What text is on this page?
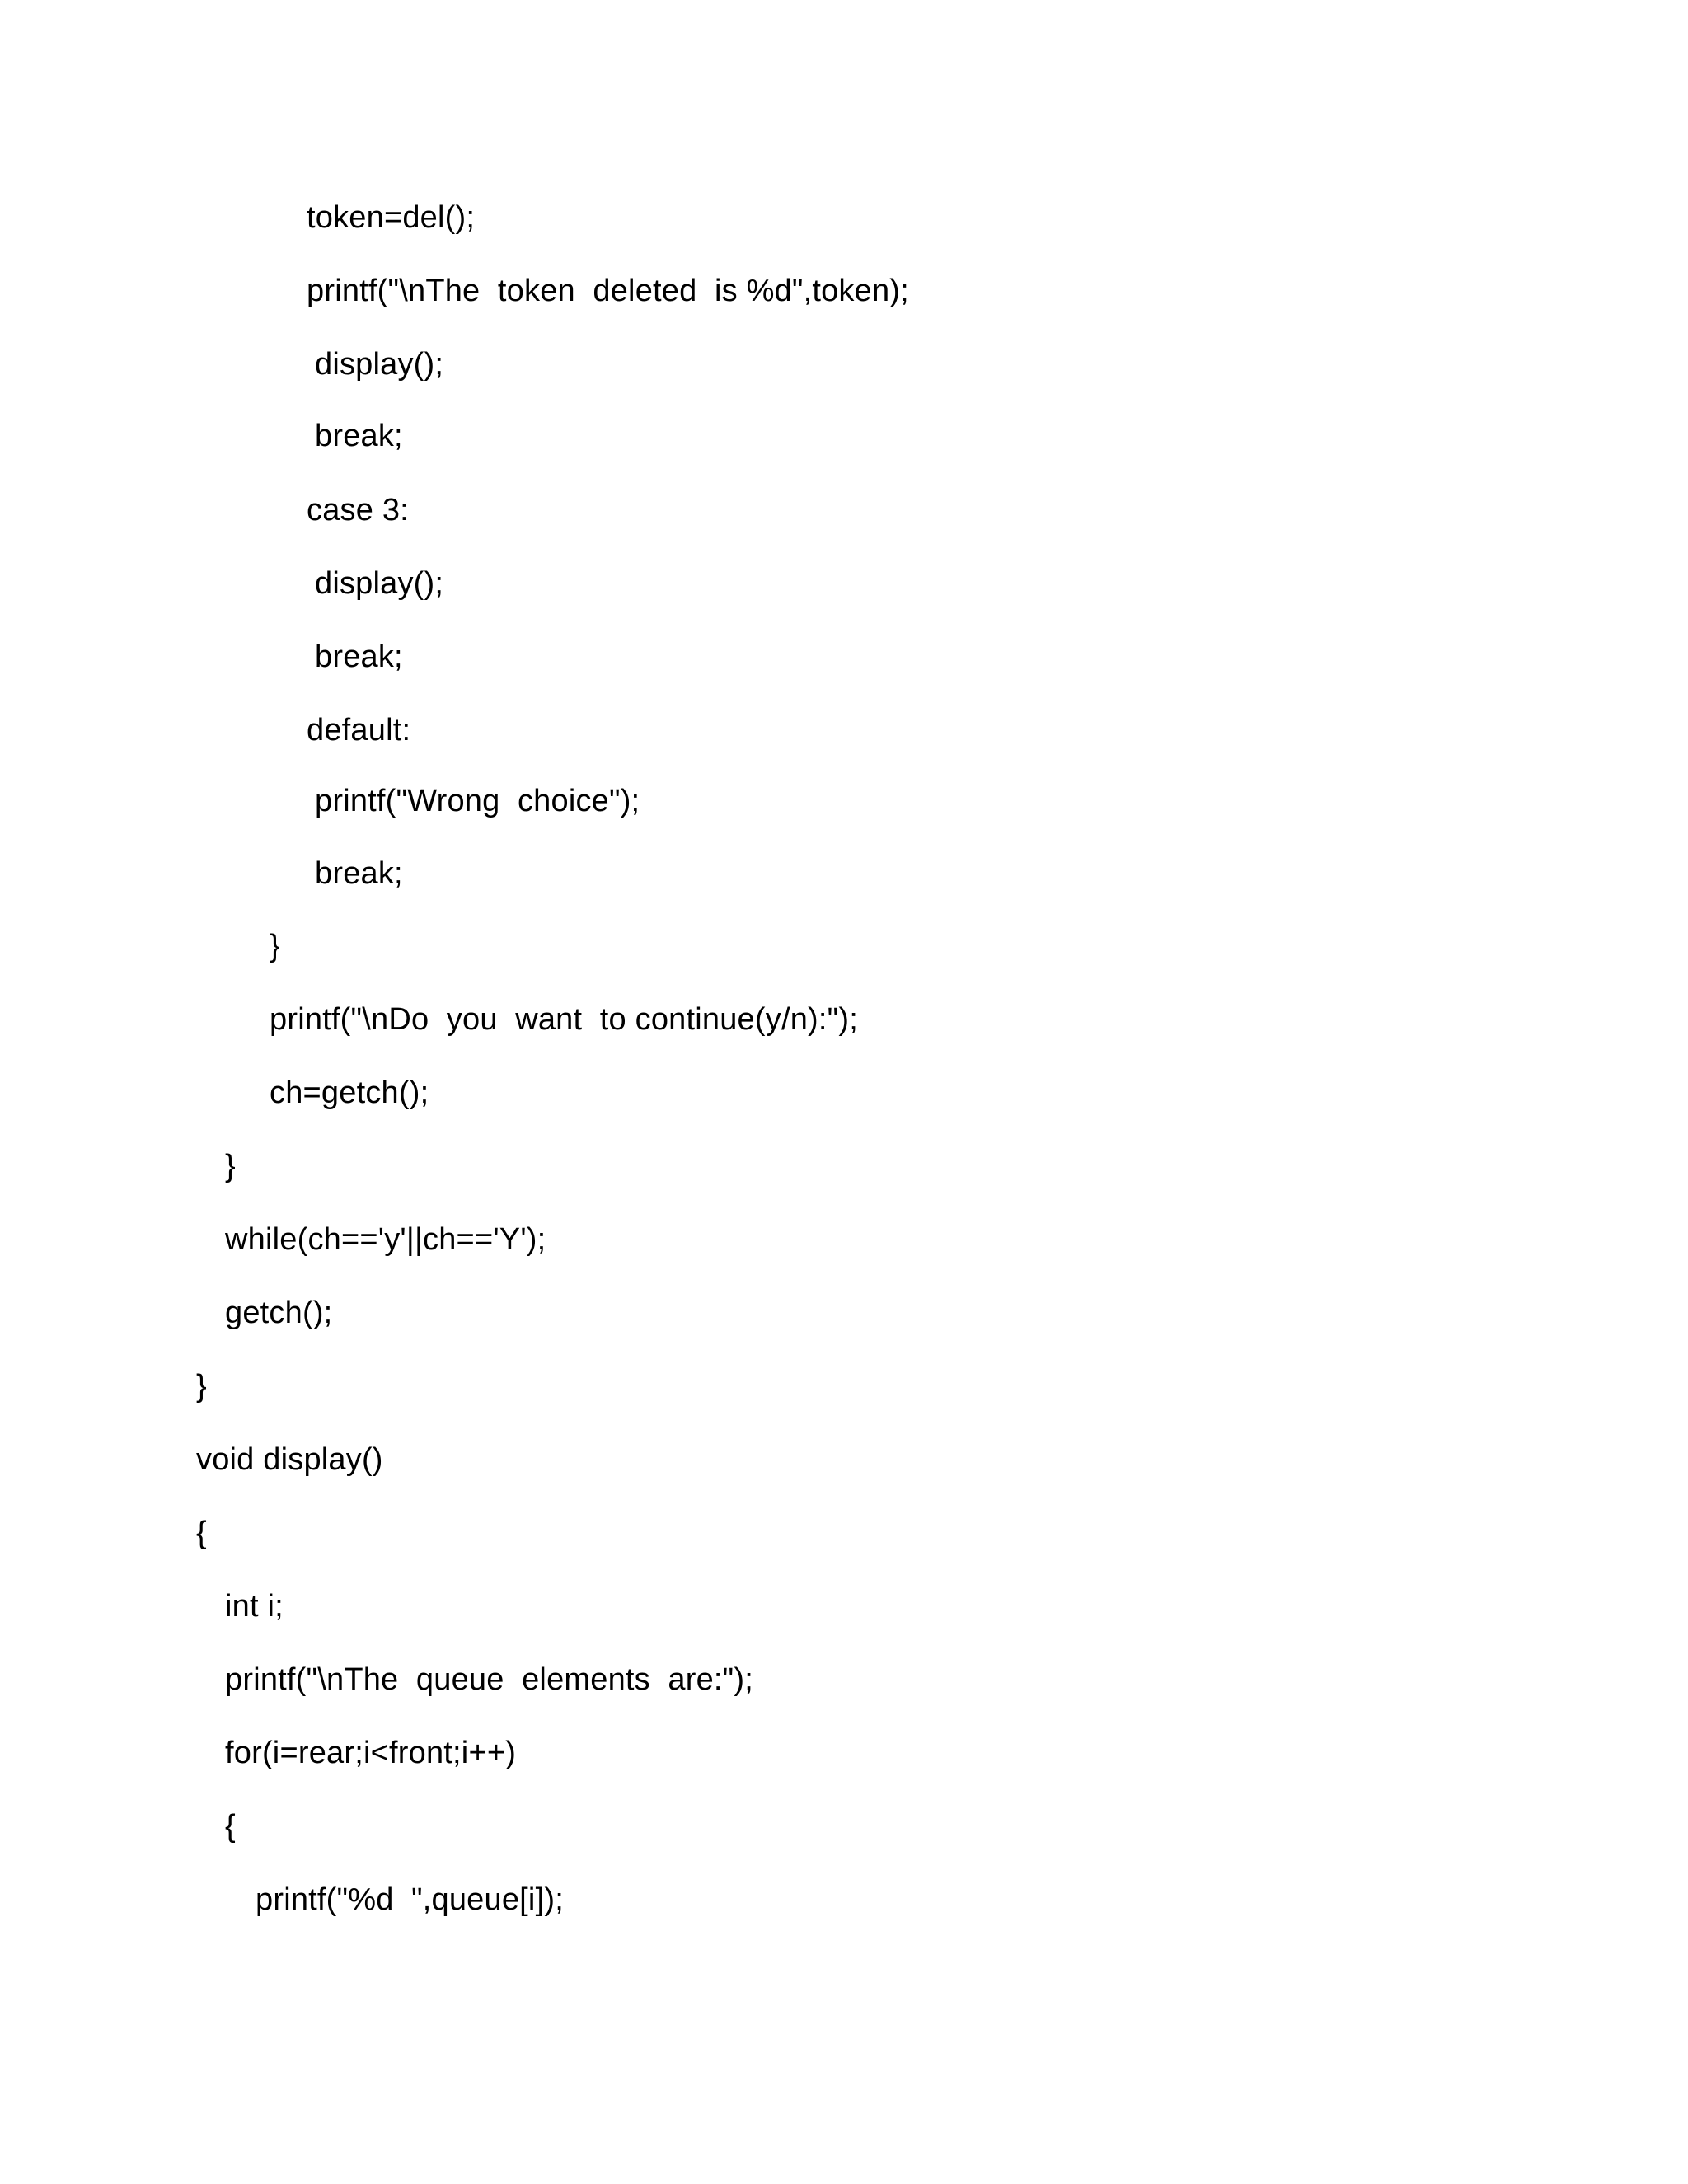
token=del();
printf("\nThe  token  deleted  is %d",token);
display();
break;
case 3:
display();
break;
default:
printf("Wrong  choice");
break;
}
printf("\nDo  you  want  to continue(y/n):");
ch=getch();
}
while(ch=='y'||ch=='Y');
getch();
}
void display()
{
int i;
printf("\nThe  queue  elements  are:");
for(i=rear;i<front;i++)
{
printf("%d  ",queue[i]);
